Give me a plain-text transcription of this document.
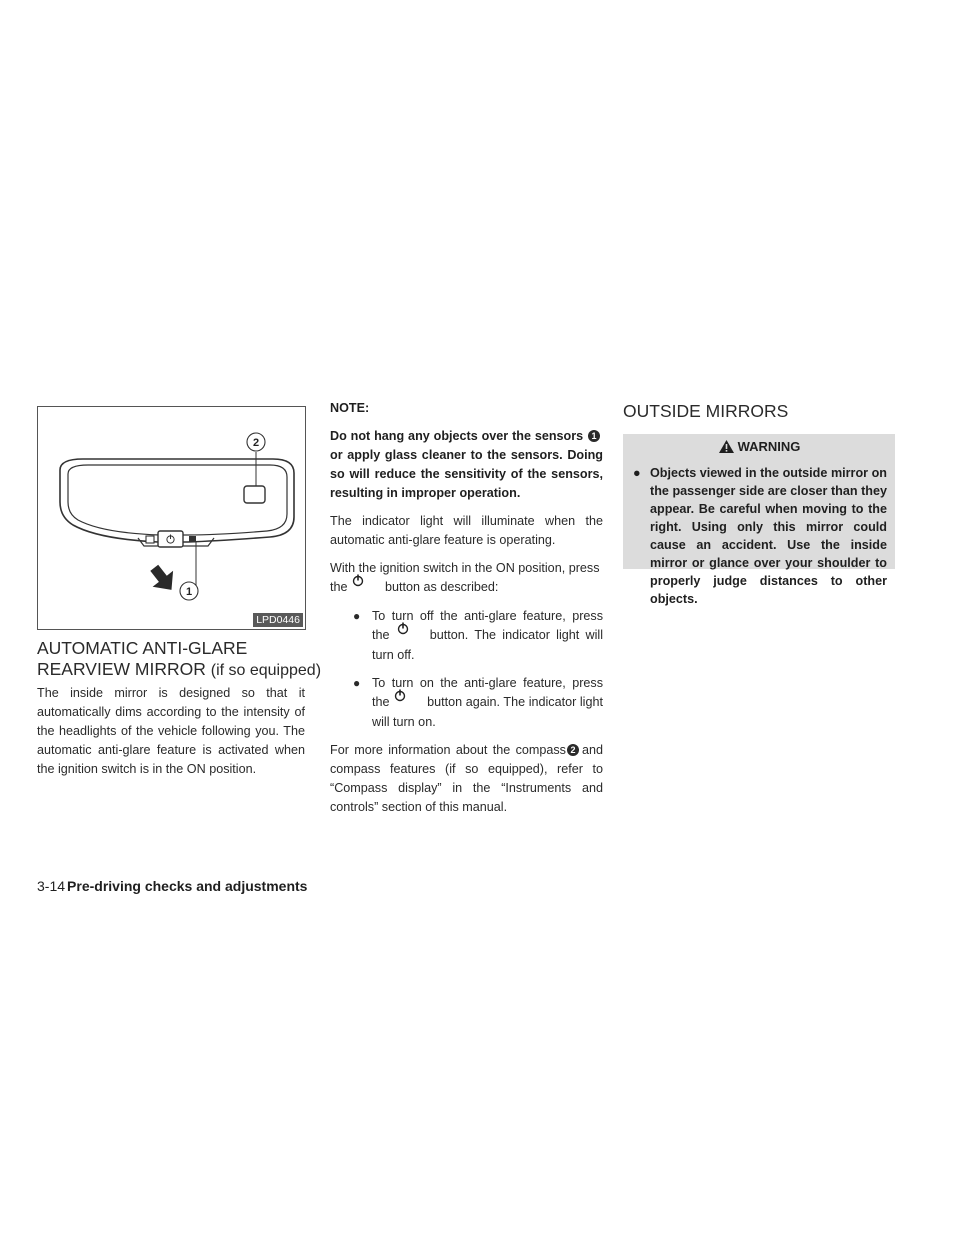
2
1
LPD0446
AUTOMATIC ANTI-GLARE
REARVIEW MIRROR (if so equipped)

The inside mirror is designed so that it automatically dims according to the intensity of the headlights of the vehicle following you. The automatic anti-glare feature is activated when the ignition switch is in the ON position.

NOTE:

Do not hang any objects over the sensors 1or apply glass cleaner to the sensors. Doing so will reduce the sensitivity of the sensors, resulting in improper operation.

The indicator light will illuminate when the automatic anti-glare feature is operating.

With the ignition switch in the ON position, press the	button as described:

● To turn off the anti-glare feature, press the	button. The indicator light will turn off.
● To turn on the anti-glare feature, press the	button again. The indicator light will turn on.

For more information about the compass 2 and compass features (if so equipped), refer to “Compass display” in the “Instruments and controls” section of this manual.

OUTSIDE MIRRORS
WARNING
● Objects viewed in the outside mirror on the passenger side are closer than they appear. Be careful when moving to the right. Using only this mirror could cause an accident. Use the inside mirror or glance over your shoulder to properly judge distances to other objects.
3-14 Pre-driving checks and adjustments
